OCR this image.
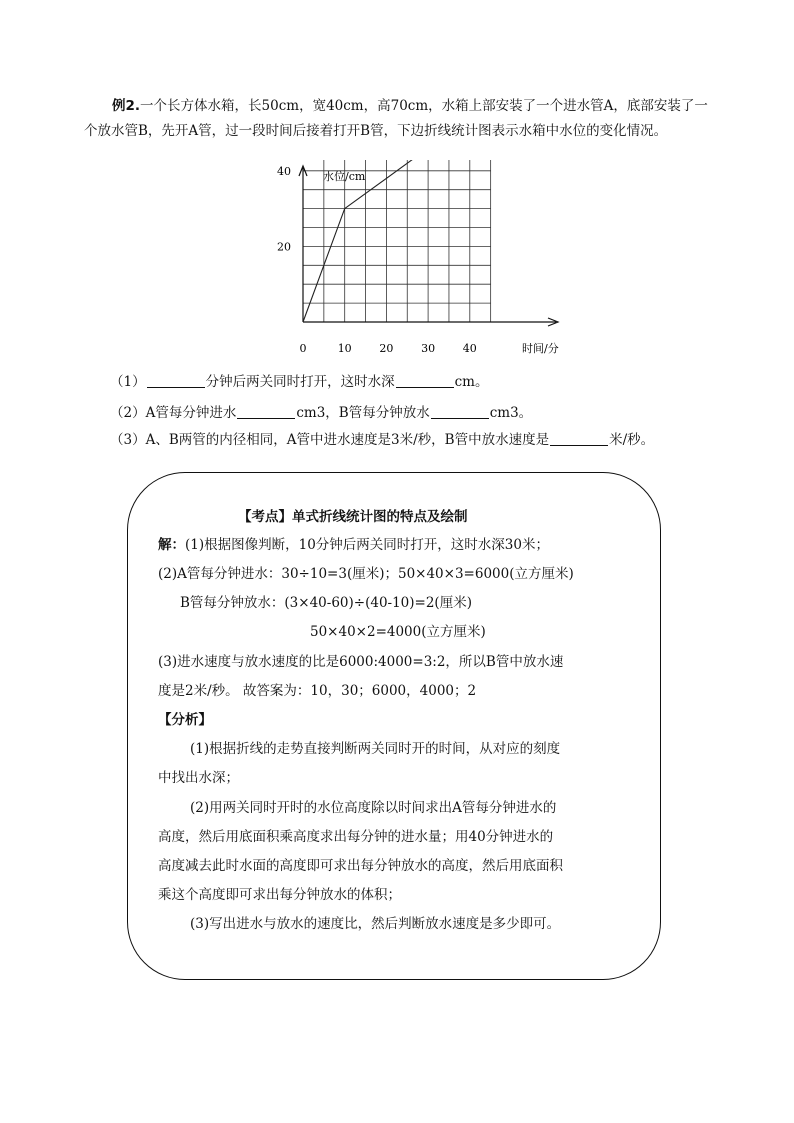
例2.一个长方体水箱，长50cm，宽40cm，高70cm，水箱上部安装了一个进水管A，底部安装了一个放水管B，先开A管，过一段时间后接着打开B管，下边折线统计图表示水箱中水位的变化情况。

0	10	20	30	40
20
40	水位/cm
时间/分
（1）	分钟后两关同时打开，这时水深	cm。
（2）A管每分钟进水	cm3，B管每分钟放水	cm3。
（3）A、B两管的内径相同，A管中进水速度是3米/秒，B管中放水速度是	米/秒。
【考点】单式折线统计图的特点及绘制
解：(1)根据图像判断，10分钟后两关同时打开，这时水深30米；
(2)A管每分钟进水：30÷10=3(厘米)；50×40×3=6000(立方厘米)
B管每分钟放水：(3×40-60)÷(40-10)=2(厘米)
50×40×2=4000(立方厘米)
(3)进水速度与放水速度的比是6000:4000=3:2，所以B管中放水速
度是2米/秒。 故答案为：10，30；6000，4000；2
【分析】
(1)根据折线的走势直接判断两关同时开的时间，从对应的刻度
中找出水深；
(2)用两关同时开时的水位高度除以时间求出A管每分钟进水的
高度，然后用底面积乘高度求出每分钟的进水量；用40分钟进水的
高度减去此时水面的高度即可求出每分钟放水的高度，然后用底面积
乘这个高度即可求出每分钟放水的体积；
(3)写出进水与放水的速度比，然后判断放水速度是多少即可。
